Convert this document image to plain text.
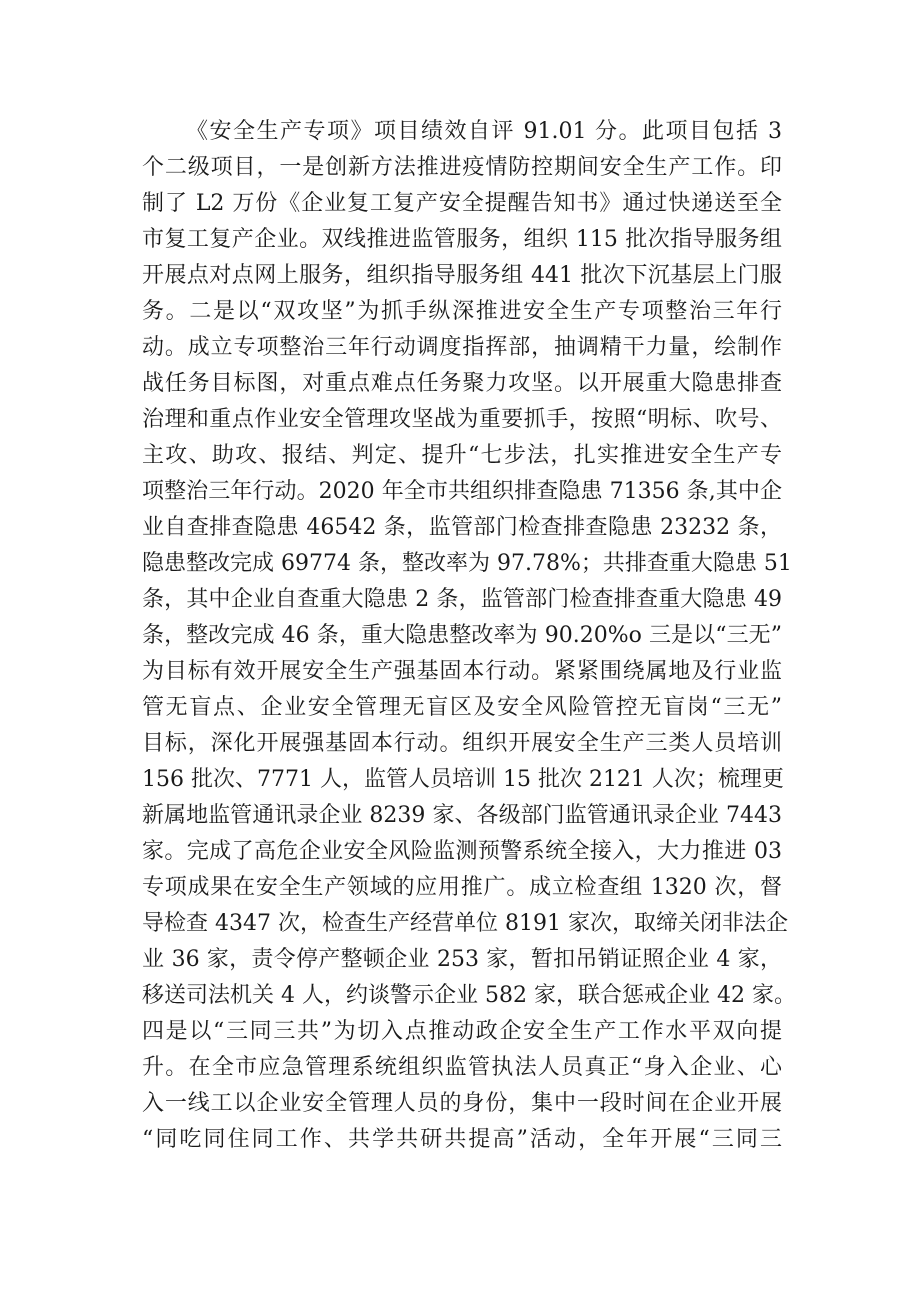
《安全生产专项》项目绩效自评 91.01 分。此项目包括 3
个二级项目，一是创新方法推进疫情防控期间安全生产工作。印
制了 L2 万份《企业复工复产安全提醒告知书》通过快递送至全
市复工复产企业。双线推进监管服务，组织 115 批次指导服务组
开展点对点网上服务，组织指导服务组 441 批次下沉基层上门服
务。二是以“双攻坚”为抓手纵深推进安全生产专项整治三年行
动。成立专项整治三年行动调度指挥部，抽调精干力量，绘制作
战任务目标图，对重点难点任务聚力攻坚。以开展重大隐患排查
治理和重点作业安全管理攻坚战为重要抓手，按照“明标、吹号、
主攻、助攻、报结、判定、提升“七步法，扎实推进安全生产专
项整治三年行动。2020 年全市共组织排查隐患 71356 条,其中企
业自查排查隐患 46542 条，监管部门检查排查隐患 23232 条，
隐患整改完成 69774 条，整改率为 97.78%；共排查重大隐患 51
条，其中企业自查重大隐患 2 条，监管部门检查排查重大隐患 49
条，整改完成 46 条，重大隐患整改率为 90.20%o 三是以“三无”
为目标有效开展安全生产强基固本行动。紧紧围绕属地及行业监
管无盲点、企业安全管理无盲区及安全风险管控无盲岗“三无”
目标，深化开展强基固本行动。组织开展安全生产三类人员培训
156 批次、7771 人，监管人员培训 15 批次 2121 人次；梳理更
新属地监管通讯录企业 8239 家、各级部门监管通讯录企业 7443
家。完成了高危企业安全风险监测预警系统全接入，大力推进 03
专项成果在安全生产领域的应用推广。成立检查组 1320 次，督
导检查 4347 次，检查生产经营单位 8191 家次，取缔关闭非法企
业 36 家，责令停产整顿企业 253 家，暂扣吊销证照企业 4 家，
移送司法机关 4 人，约谈警示企业 582 家，联合惩戒企业 42 家。
四是以“三同三共”为切入点推动政企安全生产工作水平双向提
升。在全市应急管理系统组织监管执法人员真正“身入企业、心
入一线工以企业安全管理人员的身份，集中一段时间在企业开展
“同吃同住同工作、共学共研共提高”活动，全年开展“三同三
